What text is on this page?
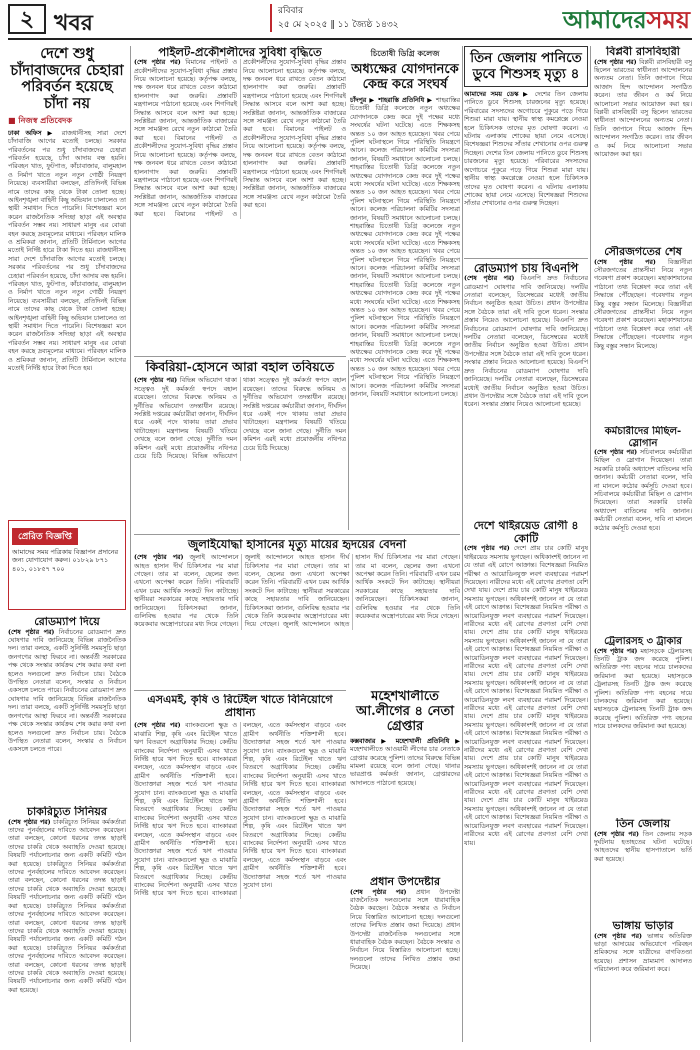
২ খবর	রবিবার
২৫ মে ২০২৫ ‖ ১১ জ্যৈষ্ঠ ১৪৩২	আমাদেরসময়
দেশে শুধু চাঁদাবাজদের চেহারা পরিবর্তন হয়েছে চাঁদা নয়
■ নিজস্ব প্রতিবেদক
ঢাকা অফিস ▶ রাজধানীসহ সারা দেশে চাঁদাবাজি আগের মতোই চলছে। সরকার পরিবর্তনের পর শুধু চাঁদাবাজদের চেহারা পরিবর্তন হয়েছে, চাঁদা আদায় বন্ধ হয়নি। পরিবহন খাত, ফুটপাত, কাঁচাবাজার, বালুমহাল ও নির্মাণ খাতে নতুন নতুন গোষ্ঠী নিয়ন্ত্রণ নিয়েছে। ব্যবসায়ীরা বলছেন, প্রতিদিনই বিভিন্ন নামে তাদের কাছ থেকে টাকা তোলা হচ্ছে। আইনশৃঙ্খলা বাহিনী কিছু অভিযান চালালেও তা স্থায়ী সমাধান দিতে পারেনি। বিশেষজ্ঞরা মনে করেন রাজনৈতিক সদিচ্ছা ছাড়া এই অবস্থার পরিবর্তন সম্ভব নয়। সাধারণ মানুষ এর বোঝা বহন করছে দ্রব্যমূল্যের মাধ্যমে। পরিবহন মালিক ও শ্রমিকরা জানান, প্রতিটি টার্মিনালে আগের মতোই নির্দিষ্ট হারে টাকা দিতে হয়। রাজধানীসহ সারা দেশে চাঁদাবাজি আগের মতোই চলছে। সরকার পরিবর্তনের পর শুধু চাঁদাবাজদের চেহারা পরিবর্তন হয়েছে, চাঁদা আদায় বন্ধ হয়নি। পরিবহন খাত, ফুটপাত, কাঁচাবাজার, বালুমহাল ও নির্মাণ খাতে নতুন নতুন গোষ্ঠী নিয়ন্ত্রণ নিয়েছে। ব্যবসায়ীরা বলছেন, প্রতিদিনই বিভিন্ন নামে তাদের কাছ থেকে টাকা তোলা হচ্ছে। আইনশৃঙ্খলা বাহিনী কিছু অভিযান চালালেও তা স্থায়ী সমাধান দিতে পারেনি। বিশেষজ্ঞরা মনে করেন রাজনৈতিক সদিচ্ছা ছাড়া এই অবস্থার পরিবর্তন সম্ভব নয়। সাধারণ মানুষ এর বোঝা বহন করছে দ্রব্যমূল্যের মাধ্যমে। পরিবহন মালিক ও শ্রমিকরা জানান, প্রতিটি টার্মিনালে আগের মতোই নির্দিষ্ট হারে টাকা দিতে হয়।
প্রেরিত বিজ্ঞপ্তি
আমাদের সময় পত্রিকায় বিজ্ঞাপন প্রদানের জন্য যোগাযোগ করুন। ০১৮২৯ ৮৭১ ৪০১, ০১৮৫৭ ৭০০
রোডম্যাপ দিয়ে
(শেষ পৃষ্ঠার পর) নির্বাচনের রোডম্যাপ দ্রুত ঘোষণার দাবি জানিয়েছে বিভিন্ন রাজনৈতিক দল। তারা বলছে, একটি সুনির্দিষ্ট সময়সূচি ছাড়া জনগণের আস্থা ফিরবে না। অন্তর্বর্তী সরকারের পক্ষ থেকে সংস্কার কার্যক্রম শেষ করার কথা বলা হলেও দলগুলো দ্রুত নির্বাচন চায়। বৈঠকে উপস্থিত নেতারা বলেন, সংস্কার ও নির্বাচন একসঙ্গে চলতে পারে। নির্বাচনের রোডম্যাপ দ্রুত ঘোষণার দাবি জানিয়েছে বিভিন্ন রাজনৈতিক দল। তারা বলছে, একটি সুনির্দিষ্ট সময়সূচি ছাড়া জনগণের আস্থা ফিরবে না। অন্তর্বর্তী সরকারের পক্ষ থেকে সংস্কার কার্যক্রম শেষ করার কথা বলা হলেও দলগুলো দ্রুত নির্বাচন চায়। বৈঠকে উপস্থিত নেতারা বলেন, সংস্কার ও নির্বাচন একসঙ্গে চলতে পারে।
চাকরিচ্যুত সিনিয়র
(শেষ পৃষ্ঠার পর) চাকরিচ্যুত সিনিয়র কর্মকর্তারা তাদের পুনর্বহালের দাবিতে আবেদন করেছেন। তারা বলছেন, কোনো ধরনের তদন্ত ছাড়াই তাদের চাকরি থেকে অব্যাহতি দেওয়া হয়েছে। বিষয়টি পর্যালোচনার জন্য একটি কমিটি গঠন করা হয়েছে। চাকরিচ্যুত সিনিয়র কর্মকর্তারা তাদের পুনর্বহালের দাবিতে আবেদন করেছেন। তারা বলছেন, কোনো ধরনের তদন্ত ছাড়াই তাদের চাকরি থেকে অব্যাহতি দেওয়া হয়েছে। বিষয়টি পর্যালোচনার জন্য একটি কমিটি গঠন করা হয়েছে। চাকরিচ্যুত সিনিয়র কর্মকর্তারা তাদের পুনর্বহালের দাবিতে আবেদন করেছেন। তারা বলছেন, কোনো ধরনের তদন্ত ছাড়াই তাদের চাকরি থেকে অব্যাহতি দেওয়া হয়েছে। বিষয়টি পর্যালোচনার জন্য একটি কমিটি গঠন করা হয়েছে। চাকরিচ্যুত সিনিয়র কর্মকর্তারা তাদের পুনর্বহালের দাবিতে আবেদন করেছেন। তারা বলছেন, কোনো ধরনের তদন্ত ছাড়াই তাদের চাকরি থেকে অব্যাহতি দেওয়া হয়েছে। বিষয়টি পর্যালোচনার জন্য একটি কমিটি গঠন করা হয়েছে।
পাইলট-প্রকৌশলীদের সুবিধা বৃদ্ধিতে
(শেষ পৃষ্ঠার পর) বিমানের পাইলট ও প্রকৌশলীদের সুযোগ-সুবিধা বৃদ্ধির প্রস্তাব নিয়ে আলোচনা হয়েছে। কর্তৃপক্ষ বলছে, দক্ষ জনবল ধরে রাখতে বেতন কাঠামো হালনাগাদ করা জরুরি। প্রস্তাবটি মন্ত্রণালয়ে পাঠানো হয়েছে এবং শিগগিরই সিদ্ধান্ত আসবে বলে আশা করা হচ্ছে। সংশ্লিষ্টরা জানান, আন্তর্জাতিক বাজারের সঙ্গে সামঞ্জস্য রেখে নতুন কাঠামো তৈরি করা হবে। বিমানের পাইলট ও প্রকৌশলীদের সুযোগ-সুবিধা বৃদ্ধির প্রস্তাব নিয়ে আলোচনা হয়েছে। কর্তৃপক্ষ বলছে, দক্ষ জনবল ধরে রাখতে বেতন কাঠামো হালনাগাদ করা জরুরি। প্রস্তাবটি মন্ত্রণালয়ে পাঠানো হয়েছে এবং শিগগিরই সিদ্ধান্ত আসবে বলে আশা করা হচ্ছে। সংশ্লিষ্টরা জানান, আন্তর্জাতিক বাজারের সঙ্গে সামঞ্জস্য রেখে নতুন কাঠামো তৈরি করা হবে। বিমানের পাইলট ও প্রকৌশলীদের সুযোগ-সুবিধা বৃদ্ধির প্রস্তাব নিয়ে আলোচনা হয়েছে। কর্তৃপক্ষ বলছে, দক্ষ জনবল ধরে রাখতে বেতন কাঠামো হালনাগাদ করা জরুরি। প্রস্তাবটি মন্ত্রণালয়ে পাঠানো হয়েছে এবং শিগগিরই সিদ্ধান্ত আসবে বলে আশা করা হচ্ছে। সংশ্লিষ্টরা জানান, আন্তর্জাতিক বাজারের সঙ্গে সামঞ্জস্য রেখে নতুন কাঠামো তৈরি করা হবে। বিমানের পাইলট ও প্রকৌশলীদের সুযোগ-সুবিধা বৃদ্ধির প্রস্তাব নিয়ে আলোচনা হয়েছে। কর্তৃপক্ষ বলছে, দক্ষ জনবল ধরে রাখতে বেতন কাঠামো হালনাগাদ করা জরুরি। প্রস্তাবটি মন্ত্রণালয়ে পাঠানো হয়েছে এবং শিগগিরই সিদ্ধান্ত আসবে বলে আশা করা হচ্ছে। সংশ্লিষ্টরা জানান, আন্তর্জাতিক বাজারের সঙ্গে সামঞ্জস্য রেখে নতুন কাঠামো তৈরি করা হবে।
চিতোষী ডিগ্রি কলেজ
অধ্যক্ষের যোগদানকে কেন্দ্র করে সংঘর্ষ
চাঁদপুর ▶ শাহরাস্তি প্রতিনিধি ▶ শাহরাস্তির চিতোষী ডিগ্রি কলেজে নতুন অধ্যক্ষের যোগদানকে কেন্দ্র করে দুই পক্ষের মধ্যে সংঘর্ষের ঘটনা ঘটেছে। এতে শিক্ষকসহ অন্তত ১০ জন আহত হয়েছেন। খবর পেয়ে পুলিশ ঘটনাস্থলে গিয়ে পরিস্থিতি নিয়ন্ত্রণে আনে। কলেজ পরিচালনা কমিটির সদস্যরা জানান, বিষয়টি সমাধানে আলোচনা চলছে। শাহরাস্তির চিতোষী ডিগ্রি কলেজে নতুন অধ্যক্ষের যোগদানকে কেন্দ্র করে দুই পক্ষের মধ্যে সংঘর্ষের ঘটনা ঘটেছে। এতে শিক্ষকসহ অন্তত ১০ জন আহত হয়েছেন। খবর পেয়ে পুলিশ ঘটনাস্থলে গিয়ে পরিস্থিতি নিয়ন্ত্রণে আনে। কলেজ পরিচালনা কমিটির সদস্যরা জানান, বিষয়টি সমাধানে আলোচনা চলছে। শাহরাস্তির চিতোষী ডিগ্রি কলেজে নতুন অধ্যক্ষের যোগদানকে কেন্দ্র করে দুই পক্ষের মধ্যে সংঘর্ষের ঘটনা ঘটেছে। এতে শিক্ষকসহ অন্তত ১০ জন আহত হয়েছেন। খবর পেয়ে পুলিশ ঘটনাস্থলে গিয়ে পরিস্থিতি নিয়ন্ত্রণে আনে। কলেজ পরিচালনা কমিটির সদস্যরা জানান, বিষয়টি সমাধানে আলোচনা চলছে। শাহরাস্তির চিতোষী ডিগ্রি কলেজে নতুন অধ্যক্ষের যোগদানকে কেন্দ্র করে দুই পক্ষের মধ্যে সংঘর্ষের ঘটনা ঘটেছে। এতে শিক্ষকসহ অন্তত ১০ জন আহত হয়েছেন। খবর পেয়ে পুলিশ ঘটনাস্থলে গিয়ে পরিস্থিতি নিয়ন্ত্রণে আনে। কলেজ পরিচালনা কমিটির সদস্যরা জানান, বিষয়টি সমাধানে আলোচনা চলছে। শাহরাস্তির চিতোষী ডিগ্রি কলেজে নতুন অধ্যক্ষের যোগদানকে কেন্দ্র করে দুই পক্ষের মধ্যে সংঘর্ষের ঘটনা ঘটেছে। এতে শিক্ষকসহ অন্তত ১০ জন আহত হয়েছেন। খবর পেয়ে পুলিশ ঘটনাস্থলে গিয়ে পরিস্থিতি নিয়ন্ত্রণে আনে। কলেজ পরিচালনা কমিটির সদস্যরা জানান, বিষয়টি সমাধানে আলোচনা চলছে।
কিবরিয়া-হোসনে আরা বহাল তবিয়তে
(শেষ পৃষ্ঠার পর) বিভিন্ন অভিযোগ থাকা সত্ত্বেও দুই কর্মকর্তা স্বপদে বহাল রয়েছেন। তাদের বিরুদ্ধে অনিয়ম ও দুর্নীতির অভিযোগ তদন্তাধীন রয়েছে। সংশ্লিষ্ট দপ্তরের কর্মচারীরা জানান, দীর্ঘদিন ধরে একই পদে থাকায় তারা প্রভাব খাটাচ্ছেন। মন্ত্রণালয় বিষয়টি খতিয়ে দেখছে বলে জানা গেছে। দুর্নীতি দমন কমিশন এরই মধ্যে প্রয়োজনীয় নথিপত্র চেয়ে চিঠি দিয়েছে। বিভিন্ন অভিযোগ থাকা সত্ত্বেও দুই কর্মকর্তা স্বপদে বহাল রয়েছেন। তাদের বিরুদ্ধে অনিয়ম ও দুর্নীতির অভিযোগ তদন্তাধীন রয়েছে। সংশ্লিষ্ট দপ্তরের কর্মচারীরা জানান, দীর্ঘদিন ধরে একই পদে থাকায় তারা প্রভাব খাটাচ্ছেন। মন্ত্রণালয় বিষয়টি খতিয়ে দেখছে বলে জানা গেছে। দুর্নীতি দমন কমিশন এরই মধ্যে প্রয়োজনীয় নথিপত্র চেয়ে চিঠি দিয়েছে।
জুলাইযোদ্ধা হাসানের মৃত্যু মায়ের হৃদয়ের বেদনা
(শেষ পৃষ্ঠার পর) জুলাই আন্দোলনে আহত হাসান দীর্ঘ চিকিৎসার পর মারা গেছেন। তার মা বলেন, ছেলের জন্য এখনো অপেক্ষা করেন তিনি। পরিবারটি এখন চরম আর্থিক সংকটে দিন কাটাচ্ছে। স্থানীয়রা সরকারের কাছে সহায়তার দাবি জানিয়েছেন। চিকিৎসকরা জানান, গুলিবিদ্ধ হওয়ার পর থেকে তিনি কয়েকবার অস্ত্রোপচারের মধ্য দিয়ে গেছেন। জুলাই আন্দোলনে আহত হাসান দীর্ঘ চিকিৎসার পর মারা গেছেন। তার মা বলেন, ছেলের জন্য এখনো অপেক্ষা করেন তিনি। পরিবারটি এখন চরম আর্থিক সংকটে দিন কাটাচ্ছে। স্থানীয়রা সরকারের কাছে সহায়তার দাবি জানিয়েছেন। চিকিৎসকরা জানান, গুলিবিদ্ধ হওয়ার পর থেকে তিনি কয়েকবার অস্ত্রোপচারের মধ্য দিয়ে গেছেন। জুলাই আন্দোলনে আহত হাসান দীর্ঘ চিকিৎসার পর মারা গেছেন। তার মা বলেন, ছেলের জন্য এখনো অপেক্ষা করেন তিনি। পরিবারটি এখন চরম আর্থিক সংকটে দিন কাটাচ্ছে। স্থানীয়রা সরকারের কাছে সহায়তার দাবি জানিয়েছেন। চিকিৎসকরা জানান, গুলিবিদ্ধ হওয়ার পর থেকে তিনি কয়েকবার অস্ত্রোপচারের মধ্য দিয়ে গেছেন।
এসএমই, কৃষি ও রিটেইল খাতে বিনিয়োগে প্রাধান্য
(শেষ পৃষ্ঠার পর) ব্যাংকগুলো ক্ষুদ্র ও মাঝারি শিল্প, কৃষি এবং রিটেইল খাতে ঋণ বিতরণে অগ্রাধিকার দিচ্ছে। কেন্দ্রীয় ব্যাংকের নির্দেশনা অনুযায়ী এসব খাতে নির্দিষ্ট হারে ঋণ দিতে হবে। ব্যাংকাররা বলছেন, এতে কর্মসংস্থান বাড়বে এবং গ্রামীণ অর্থনীতি শক্তিশালী হবে। উদ্যোক্তারা সহজ শর্তে ঋণ পাওয়ার সুযোগ চান। ব্যাংকগুলো ক্ষুদ্র ও মাঝারি শিল্প, কৃষি এবং রিটেইল খাতে ঋণ বিতরণে অগ্রাধিকার দিচ্ছে। কেন্দ্রীয় ব্যাংকের নির্দেশনা অনুযায়ী এসব খাতে নির্দিষ্ট হারে ঋণ দিতে হবে। ব্যাংকাররা বলছেন, এতে কর্মসংস্থান বাড়বে এবং গ্রামীণ অর্থনীতি শক্তিশালী হবে। উদ্যোক্তারা সহজ শর্তে ঋণ পাওয়ার সুযোগ চান। ব্যাংকগুলো ক্ষুদ্র ও মাঝারি শিল্প, কৃষি এবং রিটেইল খাতে ঋণ বিতরণে অগ্রাধিকার দিচ্ছে। কেন্দ্রীয় ব্যাংকের নির্দেশনা অনুযায়ী এসব খাতে নির্দিষ্ট হারে ঋণ দিতে হবে। ব্যাংকাররা বলছেন, এতে কর্মসংস্থান বাড়বে এবং গ্রামীণ অর্থনীতি শক্তিশালী হবে। উদ্যোক্তারা সহজ শর্তে ঋণ পাওয়ার সুযোগ চান। ব্যাংকগুলো ক্ষুদ্র ও মাঝারি শিল্প, কৃষি এবং রিটেইল খাতে ঋণ বিতরণে অগ্রাধিকার দিচ্ছে। কেন্দ্রীয় ব্যাংকের নির্দেশনা অনুযায়ী এসব খাতে নির্দিষ্ট হারে ঋণ দিতে হবে। ব্যাংকাররা বলছেন, এতে কর্মসংস্থান বাড়বে এবং গ্রামীণ অর্থনীতি শক্তিশালী হবে। উদ্যোক্তারা সহজ শর্তে ঋণ পাওয়ার সুযোগ চান। ব্যাংকগুলো ক্ষুদ্র ও মাঝারি শিল্প, কৃষি এবং রিটেইল খাতে ঋণ বিতরণে অগ্রাধিকার দিচ্ছে। কেন্দ্রীয় ব্যাংকের নির্দেশনা অনুযায়ী এসব খাতে নির্দিষ্ট হারে ঋণ দিতে হবে। ব্যাংকাররা বলছেন, এতে কর্মসংস্থান বাড়বে এবং গ্রামীণ অর্থনীতি শক্তিশালী হবে। উদ্যোক্তারা সহজ শর্তে ঋণ পাওয়ার সুযোগ চান।
তিন জেলায় পানিতে ডুবে শিশুসহ মৃত্যু ৪
আমাদের সময় ডেস্ক ▶ দেশের তিন জেলায় পানিতে ডুবে শিশুসহ চারজনের মৃত্যু হয়েছে। পরিবারের সদস্যদের অগোচরে পুকুরে পড়ে গিয়ে শিশুরা মারা যায়। স্থানীয় স্বাস্থ্য কমপ্লেক্সে নেওয়া হলে চিকিৎসক তাদের মৃত ঘোষণা করেন। এ ঘটনায় এলাকায় শোকের ছায়া নেমে এসেছে। বিশেষজ্ঞরা শিশুদের সাঁতার শেখানোর ওপর গুরুত্ব দিচ্ছেন। দেশের তিন জেলায় পানিতে ডুবে শিশুসহ চারজনের মৃত্যু হয়েছে। পরিবারের সদস্যদের অগোচরে পুকুরে পড়ে গিয়ে শিশুরা মারা যায়। স্থানীয় স্বাস্থ্য কমপ্লেক্সে নেওয়া হলে চিকিৎসক তাদের মৃত ঘোষণা করেন। এ ঘটনায় এলাকায় শোকের ছায়া নেমে এসেছে। বিশেষজ্ঞরা শিশুদের সাঁতার শেখানোর ওপর গুরুত্ব দিচ্ছেন।
রোডম্যাপ চায় বিএনপি
(শেষ পৃষ্ঠার পর) বিএনপি দ্রুত নির্বাচনের রোডম্যাপ ঘোষণার দাবি জানিয়েছে। দলটির নেতারা বলেছেন, ডিসেম্বরের মধ্যেই জাতীয় নির্বাচন অনুষ্ঠিত হওয়া উচিত। প্রধান উপদেষ্টার সঙ্গে বৈঠকে তারা এই দাবি তুলে ধরেন। সংস্কার প্রস্তাব নিয়েও আলোচনা হয়েছে। বিএনপি দ্রুত নির্বাচনের রোডম্যাপ ঘোষণার দাবি জানিয়েছে। দলটির নেতারা বলেছেন, ডিসেম্বরের মধ্যেই জাতীয় নির্বাচন অনুষ্ঠিত হওয়া উচিত। প্রধান উপদেষ্টার সঙ্গে বৈঠকে তারা এই দাবি তুলে ধরেন। সংস্কার প্রস্তাব নিয়েও আলোচনা হয়েছে। বিএনপি দ্রুত নির্বাচনের রোডম্যাপ ঘোষণার দাবি জানিয়েছে। দলটির নেতারা বলেছেন, ডিসেম্বরের মধ্যেই জাতীয় নির্বাচন অনুষ্ঠিত হওয়া উচিত। প্রধান উপদেষ্টার সঙ্গে বৈঠকে তারা এই দাবি তুলে ধরেন। সংস্কার প্রস্তাব নিয়েও আলোচনা হয়েছে।
মহেশখালীতে আ.লীগের ৪ নেতা গ্রেপ্তার
কক্সবাজার ▶ মহেশখালী প্রতিনিধি ▶ মহেশখালীতে আওয়ামী লীগের চার নেতাকে গ্রেপ্তার করেছে পুলিশ। তাদের বিরুদ্ধে বিভিন্ন মামলা রয়েছে বলে জানা গেছে। থানার ভারপ্রাপ্ত কর্মকর্তা জানান, গ্রেপ্তারদের আদালতে পাঠানো হয়েছে।
প্রধান উপদেষ্টার
(শেষ পৃষ্ঠার পর) প্রধান উপদেষ্টা রাজনৈতিক দলগুলোর সঙ্গে ধারাবাহিক বৈঠক করছেন। বৈঠকে সংস্কার ও নির্বাচন নিয়ে বিস্তারিত আলোচনা হচ্ছে। দলগুলো তাদের লিখিত প্রস্তাব জমা দিয়েছে। প্রধান উপদেষ্টা রাজনৈতিক দলগুলোর সঙ্গে ধারাবাহিক বৈঠক করছেন। বৈঠকে সংস্কার ও নির্বাচন নিয়ে বিস্তারিত আলোচনা হচ্ছে। দলগুলো তাদের লিখিত প্রস্তাব জমা দিয়েছে।
দেশে থাইরয়েড রোগী ৪ কোটি
(শেষ পৃষ্ঠার পর) দেশে প্রায় চার কোটি মানুষ থাইরয়েড সমস্যায় ভুগছেন। অধিকাংশই জানেন না যে তারা এই রোগে আক্রান্ত। বিশেষজ্ঞরা নিয়মিত পরীক্ষা ও আয়োডিনযুক্ত লবণ ব্যবহারের পরামর্শ দিয়েছেন। নারীদের মধ্যে এই রোগের প্রবণতা বেশি দেখা যায়। দেশে প্রায় চার কোটি মানুষ থাইরয়েড সমস্যায় ভুগছেন। অধিকাংশই জানেন না যে তারা এই রোগে আক্রান্ত। বিশেষজ্ঞরা নিয়মিত পরীক্ষা ও আয়োডিনযুক্ত লবণ ব্যবহারের পরামর্শ দিয়েছেন। নারীদের মধ্যে এই রোগের প্রবণতা বেশি দেখা যায়। দেশে প্রায় চার কোটি মানুষ থাইরয়েড সমস্যায় ভুগছেন। অধিকাংশই জানেন না যে তারা এই রোগে আক্রান্ত। বিশেষজ্ঞরা নিয়মিত পরীক্ষা ও আয়োডিনযুক্ত লবণ ব্যবহারের পরামর্শ দিয়েছেন। নারীদের মধ্যে এই রোগের প্রবণতা বেশি দেখা যায়। দেশে প্রায় চার কোটি মানুষ থাইরয়েড সমস্যায় ভুগছেন। অধিকাংশই জানেন না যে তারা এই রোগে আক্রান্ত। বিশেষজ্ঞরা নিয়মিত পরীক্ষা ও আয়োডিনযুক্ত লবণ ব্যবহারের পরামর্শ দিয়েছেন। নারীদের মধ্যে এই রোগের প্রবণতা বেশি দেখা যায়। দেশে প্রায় চার কোটি মানুষ থাইরয়েড সমস্যায় ভুগছেন। অধিকাংশই জানেন না যে তারা এই রোগে আক্রান্ত। বিশেষজ্ঞরা নিয়মিত পরীক্ষা ও আয়োডিনযুক্ত লবণ ব্যবহারের পরামর্শ দিয়েছেন। নারীদের মধ্যে এই রোগের প্রবণতা বেশি দেখা যায়। দেশে প্রায় চার কোটি মানুষ থাইরয়েড সমস্যায় ভুগছেন। অধিকাংশই জানেন না যে তারা এই রোগে আক্রান্ত। বিশেষজ্ঞরা নিয়মিত পরীক্ষা ও আয়োডিনযুক্ত লবণ ব্যবহারের পরামর্শ দিয়েছেন। নারীদের মধ্যে এই রোগের প্রবণতা বেশি দেখা যায়। দেশে প্রায় চার কোটি মানুষ থাইরয়েড সমস্যায় ভুগছেন। অধিকাংশই জানেন না যে তারা এই রোগে আক্রান্ত। বিশেষজ্ঞরা নিয়মিত পরীক্ষা ও আয়োডিনযুক্ত লবণ ব্যবহারের পরামর্শ দিয়েছেন। নারীদের মধ্যে এই রোগের প্রবণতা বেশি দেখা যায়।
বিপ্লবী রাসবিহারী
(শেষ পৃষ্ঠার পর) বিপ্লবী রাসবিহারী বসু ছিলেন ভারতের স্বাধীনতা আন্দোলনের অন্যতম নেতা। তিনি জাপানে গিয়ে আজাদ হিন্দ আন্দোলন সংগঠিত করেন। তার জীবন ও কর্ম নিয়ে আলোচনা সভার আয়োজন করা হয়। বিপ্লবী রাসবিহারী বসু ছিলেন ভারতের স্বাধীনতা আন্দোলনের অন্যতম নেতা। তিনি জাপানে গিয়ে আজাদ হিন্দ আন্দোলন সংগঠিত করেন। তার জীবন ও কর্ম নিয়ে আলোচনা সভার আয়োজন করা হয়।
সৌরজগতের শেষ
(শেষ পৃষ্ঠার পর) বিজ্ঞানীরা সৌরজগতের প্রান্তসীমা নিয়ে নতুন গবেষণা প্রকাশ করেছেন। মহাকাশযানের পাঠানো তথ্য বিশ্লেষণ করে তারা এই সিদ্ধান্তে পৌঁছেছেন। গবেষণায় নতুন কিছু বস্তুর সন্ধান মিলেছে। বিজ্ঞানীরা সৌরজগতের প্রান্তসীমা নিয়ে নতুন গবেষণা প্রকাশ করেছেন। মহাকাশযানের পাঠানো তথ্য বিশ্লেষণ করে তারা এই সিদ্ধান্তে পৌঁছেছেন। গবেষণায় নতুন কিছু বস্তুর সন্ধান মিলেছে।
কর্মচারীদের মিছিল-স্লোগান
(শেষ পৃষ্ঠার পর) সচিবালয়ে কর্মচারীরা মিছিল ও স্লোগান দিয়েছেন। তারা সরকারি চাকরি অধ্যাদেশ বাতিলের দাবি জানান। কর্মচারী নেতারা বলেন, দাবি না মানলে কঠোর কর্মসূচি দেওয়া হবে। সচিবালয়ে কর্মচারীরা মিছিল ও স্লোগান দিয়েছেন। তারা সরকারি চাকরি অধ্যাদেশ বাতিলের দাবি জানান। কর্মচারী নেতারা বলেন, দাবি না মানলে কঠোর কর্মসূচি দেওয়া হবে।
ট্রেলারসহ ৩ ট্রাকার
(শেষ পৃষ্ঠার পর) মহাসড়কে ট্রেলারসহ তিনটি ট্রাক জব্দ করেছে পুলিশ। অতিরিক্ত পণ্য বহনের দায়ে চালকদের জরিমানা করা হয়েছে। মহাসড়কে ট্রেলারসহ তিনটি ট্রাক জব্দ করেছে পুলিশ। অতিরিক্ত পণ্য বহনের দায়ে চালকদের জরিমানা করা হয়েছে। মহাসড়কে ট্রেলারসহ তিনটি ট্রাক জব্দ করেছে পুলিশ। অতিরিক্ত পণ্য বহনের দায়ে চালকদের জরিমানা করা হয়েছে।
তিন জেলায়
(শেষ পৃষ্ঠার পর) তিন জেলায় সড়ক দুর্ঘটনায় হতাহতের ঘটনা ঘটেছে। আহতদের স্থানীয় হাসপাতালে ভর্তি করা হয়েছে।
ভাঙ্গায় ভাড়ার
(শেষ পৃষ্ঠার পর) ভাঙ্গায় অতিরিক্ত ভাড়া আদায়ের অভিযোগে পরিবহন শ্রমিকদের সঙ্গে যাত্রীদের বাগবিতণ্ডা হয়েছে। প্রশাসন ভ্রাম্যমাণ আদালত পরিচালনা করে জরিমানা করে।
